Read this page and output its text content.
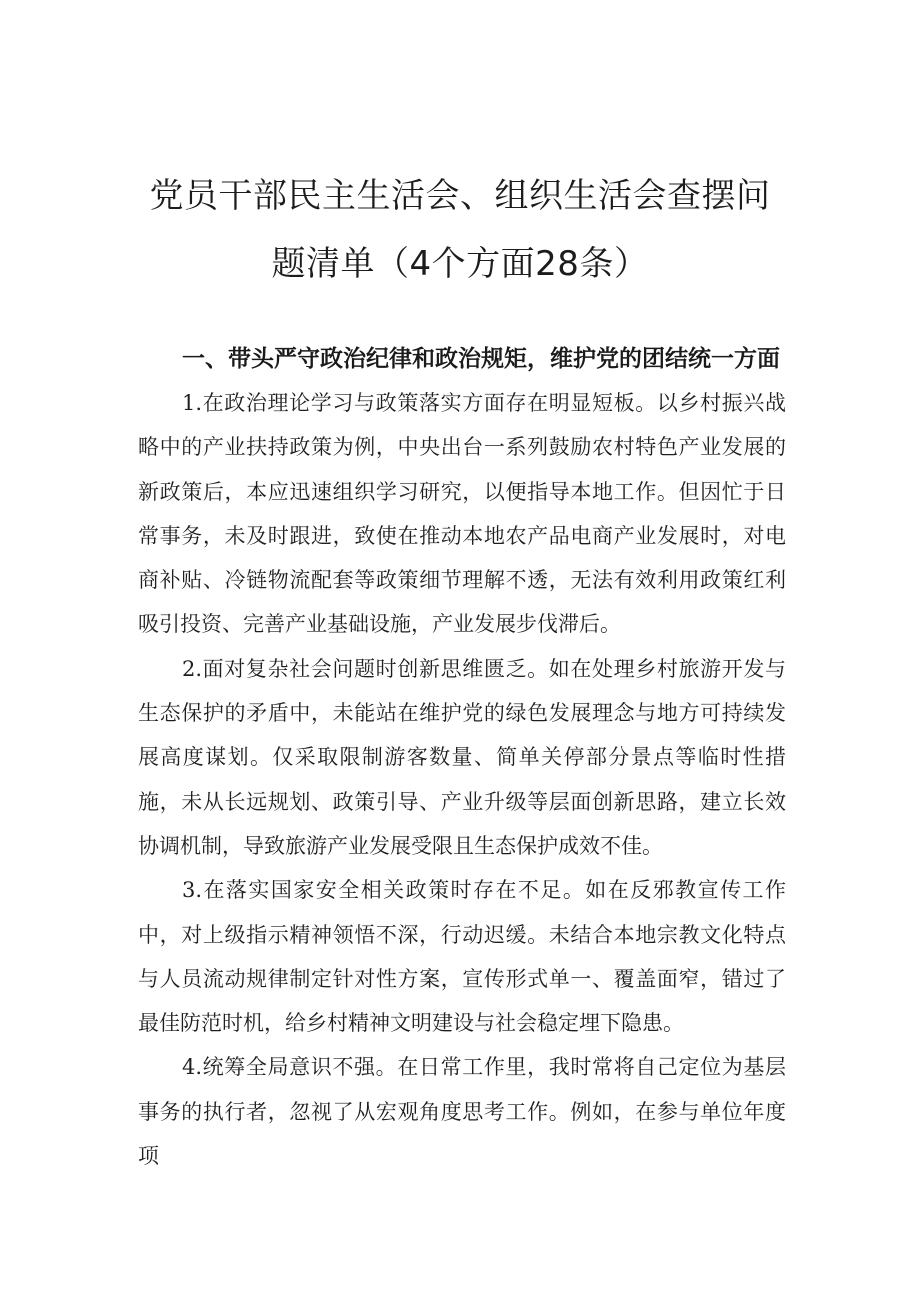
党员干部民主生活会、组织生活会查摆问
题清单（4个方面28条）
一、带头严守政治纪律和政治规矩，维护党的团结统一方面

1.在政治理论学习与政策落实方面存在明显短板。以乡村振兴战略中的产业扶持政策为例，中央出台一系列鼓励农村特色产业发展的新政策后，本应迅速组织学习研究，以便指导本地工作。但因忙于日常事务，未及时跟进，致使在推动本地农产品电商产业发展时，对电商补贴、冷链物流配套等政策细节理解不透，无法有效利用政策红利吸引投资、完善产业基础设施，产业发展步伐滞后。

2.面对复杂社会问题时创新思维匮乏。如在处理乡村旅游开发与生态保护的矛盾中，未能站在维护党的绿色发展理念与地方可持续发展高度谋划。仅采取限制游客数量、简单关停部分景点等临时性措施，未从长远规划、政策引导、产业升级等层面创新思路，建立长效协调机制，导致旅游产业发展受限且生态保护成效不佳。

3.在落实国家安全相关政策时存在不足。如在反邪教宣传工作中，对上级指示精神领悟不深，行动迟缓。未结合本地宗教文化特点与人员流动规律制定针对性方案，宣传形式单一、覆盖面窄，错过了最佳防范时机，给乡村精神文明建设与社会稳定埋下隐患。

4.统筹全局意识不强。在日常工作里，我时常将自己定位为基层事务的执行者，忽视了从宏观角度思考工作。例如，在参与单位年度项
